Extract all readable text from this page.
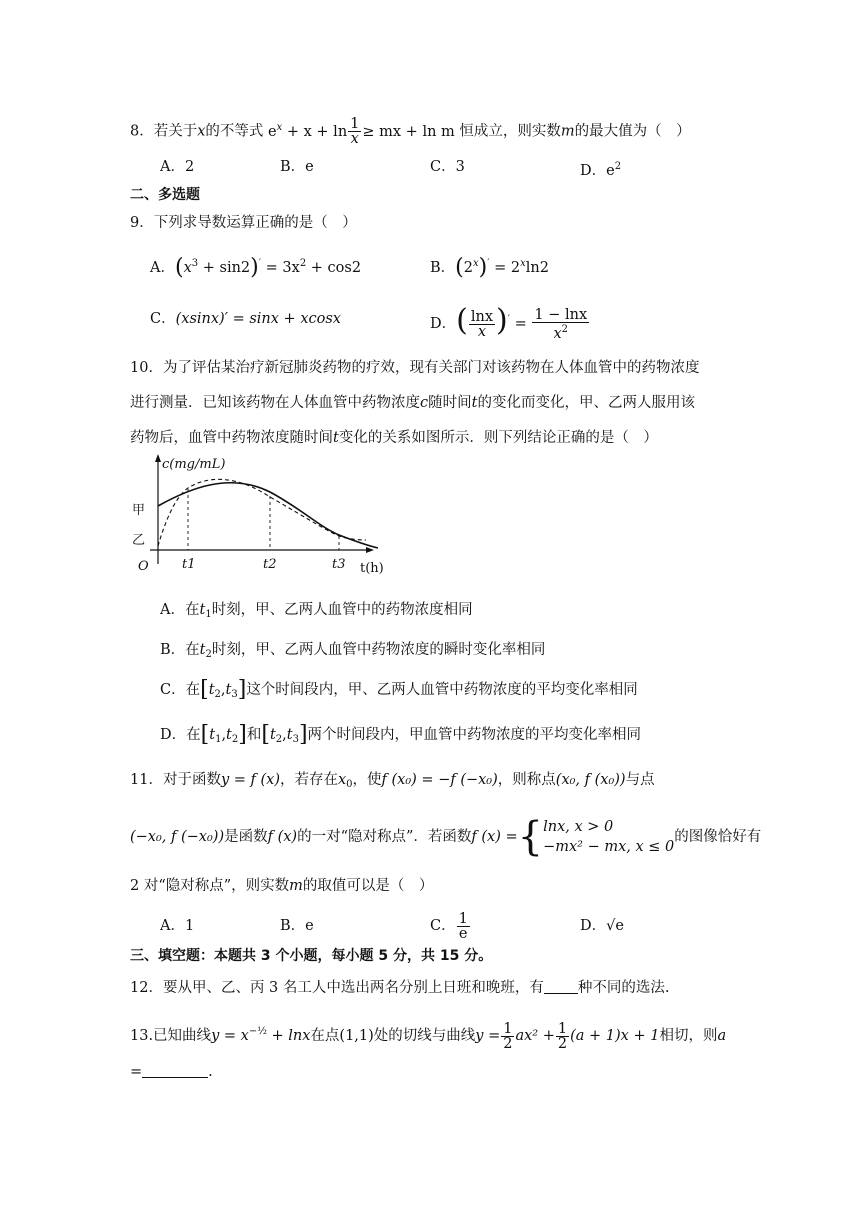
8．若关于x的不等式 $e^x + x + \ln \frac{1}{x}$ ≥ mx + ln m 恒成立，则实数m的最大值为（　）
A．2	B．e	C．3	D．$e^2$
二、多选题
9．下列求导数运算正确的是（　）
A．$(x^3 + \sin 2)' = 3x^2 + \cos 2$	B．$(2^x)' = 2^x\ln 2$
C．(xsinx)′ = sinx + xcosx	D．( $\frac{\ln x}{x} )' = \frac{1 - \ln x}{x^2}$
10．为了评估某治疗新冠肺炎药物的疗效，现有关部门对该药物在人体血管中的药物浓度
进行测量．已知该药物在人体血管中药物浓度c随时间t的变化而变化，甲、乙两人服用该
药物后，血管中药物浓度随时间t变化的关系如图所示．则下列结论正确的是（　）
c(mg/mL)
t(h)
O
甲
乙
t1	t2	t3
A．在$t_1$时刻，甲、乙两人血管中的药物浓度相同
B．在$t_2$时刻，甲、乙两人血管中药物浓度的瞬时变化率相同
C．在$[t_2,t_3]$这个时间段内，甲、乙两人血管中药物浓度的平均变化率相同
D．在$[t_1,t_2]$和$[t_2,t_3]$两个时间段内，甲血管中药物浓度的平均变化率相同
11．对于函数y = f (x)，若存在$x_0$，使f (x₀) = −f (−x₀)，则称点(x₀, f (x₀))与点
(−x₀, f (−x₀))是函数f (x)的一对“隐对称点”．若函数f (x) ={ lnx, x > 0
−mx² − mx, x ≤ 0
的图像恰好有
2 对“隐对称点”，则实数m的取值可以是（　）
A．1	B．e	C． $\frac{1}{e}$	D．√e
三、填空题：本题共 3 个小题，每小题 5 分，共 15 分。
12．要从甲、乙、丙 3 名工人中选出两名分别上日班和晚班，有 种不同的选法.
13.已知曲线$y = x^{-\frac{1}{2}} + \ln x$在点(1,1)处的切线与曲线$y = \frac{1}{2} ax^2 + \frac{1}{2} (a + 1)x + 1$相切，则a
=	.
